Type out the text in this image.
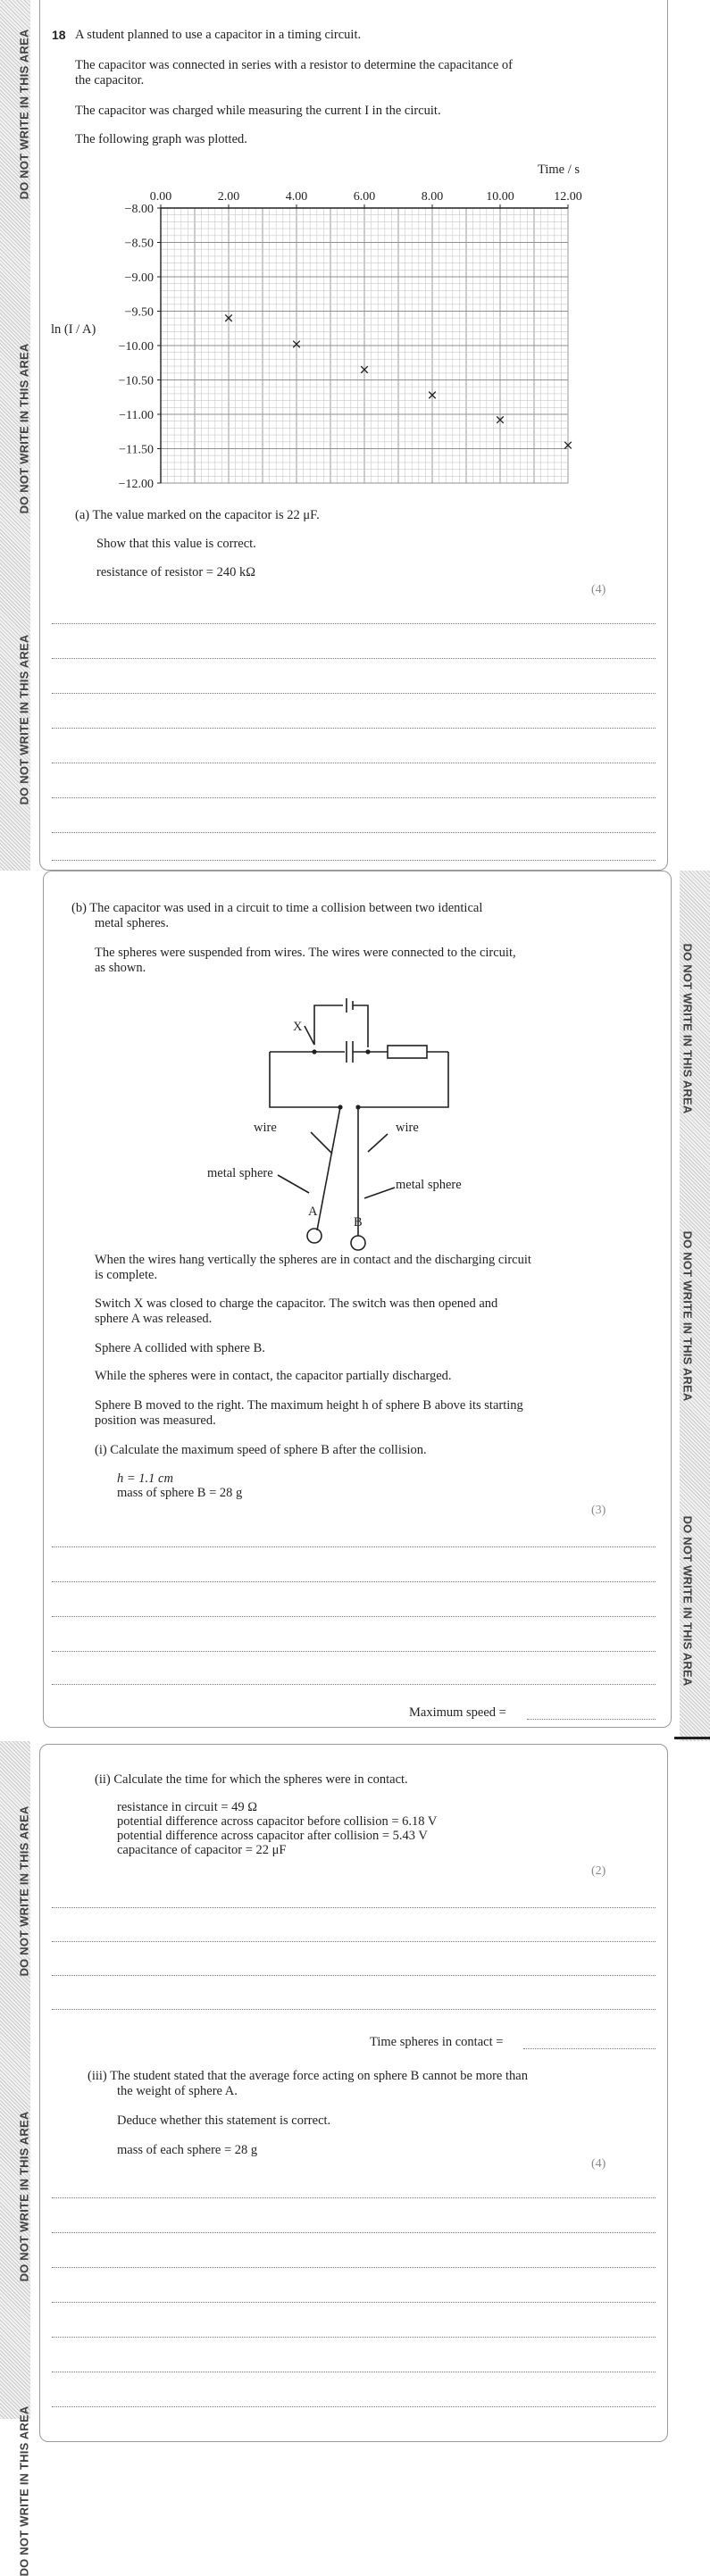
DO NOT WRITE IN THIS AREA
DO NOT WRITE IN THIS AREA
DO NOT WRITE IN THIS AREA
DO NOT WRITE IN THIS AREA
DO NOT WRITE IN THIS AREA
DO NOT WRITE IN THIS AREA
DO NOT WRITE IN THIS AREA
DO NOT WRITE IN THIS AREA
DO NOT WRITE IN THIS AREA
18 A student planned to use a capacitor in a timing circuit.
The capacitor was connected in series with a resistor to determine the capacitance of
the capacitor.
The capacitor was charged while measuring the current I in the circuit.
The following graph was plotted.
Time / s
ln (I / A)
0.00	2.00	4.00	6.00	8.00	10.00	12.00
−8.00
−8.50
−9.00
−9.50
−10.00
−10.50
−11.00
−11.50
−12.00
(a) The value marked on the capacitor is 22 μF.
Show that this value is correct.
resistance of resistor = 240 kΩ
(4)
(b) The capacitor was used in a circuit to time a collision between two identical
metal spheres.
The spheres were suspended from wires. The wires were connected to the circuit,
as shown.
X
wire	wire
metal sphere
metal sphere
A
B
When the wires hang vertically the spheres are in contact and the discharging circuit
is complete.
Switch X was closed to charge the capacitor. The switch was then opened and
sphere A was released.
Sphere A collided with sphere B.
While the spheres were in contact, the capacitor partially discharged.
Sphere B moved to the right. The maximum height h of sphere B above its starting
position was measured.
(i) Calculate the maximum speed of sphere B after the collision.
h = 1.1 cm
mass of sphere B = 28 g
(3)
Maximum speed =
(ii) Calculate the time for which the spheres were in contact.
resistance in circuit = 49 Ω
potential difference across capacitor before collision = 6.18 V
potential difference across capacitor after collision = 5.43 V
capacitance of capacitor = 22 μF
(2)
Time spheres in contact =
(iii) The student stated that the average force acting on sphere B cannot be more than
the weight of sphere A.
Deduce whether this statement is correct.
mass of each sphere = 28 g
(4)
